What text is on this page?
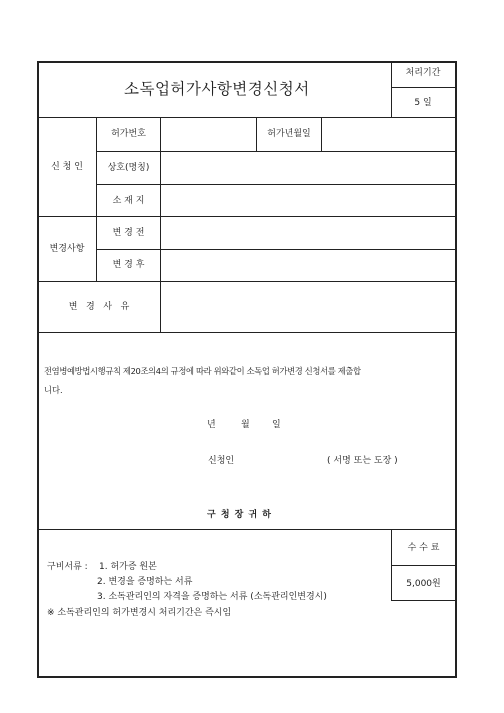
소독업허가사항변경신청서
처리기간
5 일
신 청 인
허가번호	허가년월일
상호(명칭)
소 재 지
변경사항
변 경 전
변 경 후
변   경   사   유
전염병예방법시행규칙 제20조의4의 규정에 따라 위와같이 소독업 허가변경 신청서를 제출합
니다.
년	월 일
신청인	( 서명 또는 도장 )
구 청 장 귀 하
구비서류 : 1. 허가증 원본
2. 변경을 증명하는 서류
3. 소독관리인의 자격을 증명하는 서류 (소독관리인변경시)
※ 소독관리인의 허가변경시 처리기간은 즉시임
수 수 료
5,000원
